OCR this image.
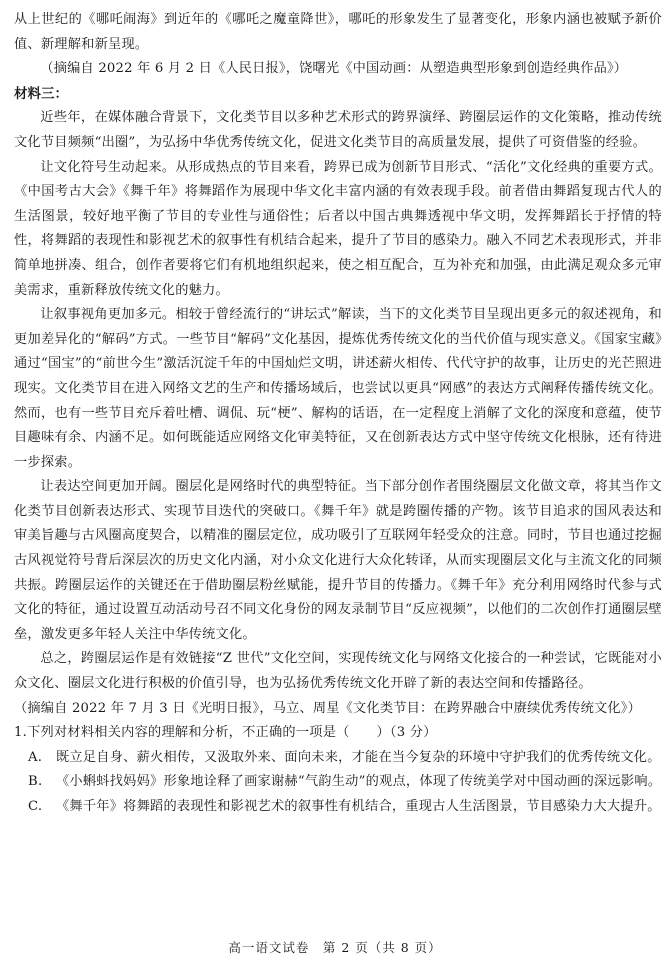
从上世纪的《哪吒闹海》到近年的《哪吒之魔童降世》，哪吒的形象发生了显著变化，形象内涵也被赋予新价值、新理解和新呈现。

（摘编自 2022 年 6 月 2 日《人民日报》，饶曙光《中国动画：从塑造典型形象到创造经典作品》）

材料三：

近些年，在媒体融合背景下，文化类节目以多种艺术形式的跨界演绎、跨圈层运作的文化策略，推动传统文化节目频频“出圈”，为弘扬中华优秀传统文化，促进文化类节目的高质量发展，提供了可资借鉴的经验。

让文化符号生动起来。从形成热点的节目来看，跨界已成为创新节目形式、“活化”文化经典的重要方式。《中国考古大会》《舞千年》将舞蹈作为展现中华文化丰富内涵的有效表现手段。前者借由舞蹈复现古代人的生活图景，较好地平衡了节目的专业性与通俗性；后者以中国古典舞透视中华文明，发挥舞蹈长于抒情的特性，将舞蹈的表现性和影视艺术的叙事性有机结合起来，提升了节目的感染力。融入不同艺术表现形式，并非简单地拼凑、组合，创作者要将它们有机地组织起来，使之相互配合，互为补充和加强，由此满足观众多元审美需求，重新释放传统文化的魅力。

让叙事视角更加多元。相较于曾经流行的“讲坛式”解读，当下的文化类节目呈现出更多元的叙述视角，和更加差异化的“解码”方式。一些节目“解码”文化基因，提炼优秀传统文化的当代价值与现实意义。《国家宝藏》通过“国宝”的“前世今生”激活沉淀千年的中国灿烂文明，讲述薪火相传、代代守护的故事，让历史的光芒照进现实。文化类节目在进入网络文艺的生产和传播场域后，也尝试以更具“网感”的表达方式阐释传播传统文化。然而，也有一些节目充斥着吐槽、调侃、玩“梗”、解构的话语，在一定程度上消解了文化的深度和意蕴，使节目趣味有余、内涵不足。如何既能适应网络文化审美特征，又在创新表达方式中坚守传统文化根脉，还有待进一步探索。

让表达空间更加开阔。圈层化是网络时代的典型特征。当下部分创作者围绕圈层文化做文章，将其当作文化类节目创新表达形式、实现节目迭代的突破口。《舞千年》就是跨圈传播的产物。该节目追求的国风表达和审美旨趣与古风圈高度契合，以精准的圈层定位，成功吸引了互联网年轻受众的注意。同时，节目也通过挖掘古风视觉符号背后深层次的历史文化内涵，对小众文化进行大众化转译，从而实现圈层文化与主流文化的同频共振。跨圈层运作的关键还在于借助圈层粉丝赋能，提升节目的传播力。《舞千年》充分利用网络时代参与式文化的特征，通过设置互动活动号召不同文化身份的网友录制节目“反应视频”，以他们的二次创作打通圈层壁垒，激发更多年轻人关注中华传统文化。

总之，跨圈层运作是有效链接“Z 世代”文化空间，实现传统文化与网络文化接合的一种尝试，它既能对小众文化、圈层文化进行积极的价值引导，也为弘扬优秀传统文化开辟了新的表达空间和传播路径。

（摘编自 2022 年 7 月 3 日《光明日报》，马立、周星《文化类节目：在跨界融合中赓续优秀传统文化》）

1.下列对材料相关内容的理解和分析，不正确的一项是（　　）（3 分）

A.	既立足自身、薪火相传，又汲取外来、面向未来，才能在当今复杂的环境中守护我们的优秀传统文化。
B.	《小蝌蚪找妈妈》形象地诠释了画家谢赫“气韵生动”的观点，体现了传统美学对中国动画的深远影响。
C.	《舞千年》将舞蹈的表现性和影视艺术的叙事性有机结合，重现古人生活图景，节目感染力大大提升。
高一语文试卷　第 2 页（共 8 页）
